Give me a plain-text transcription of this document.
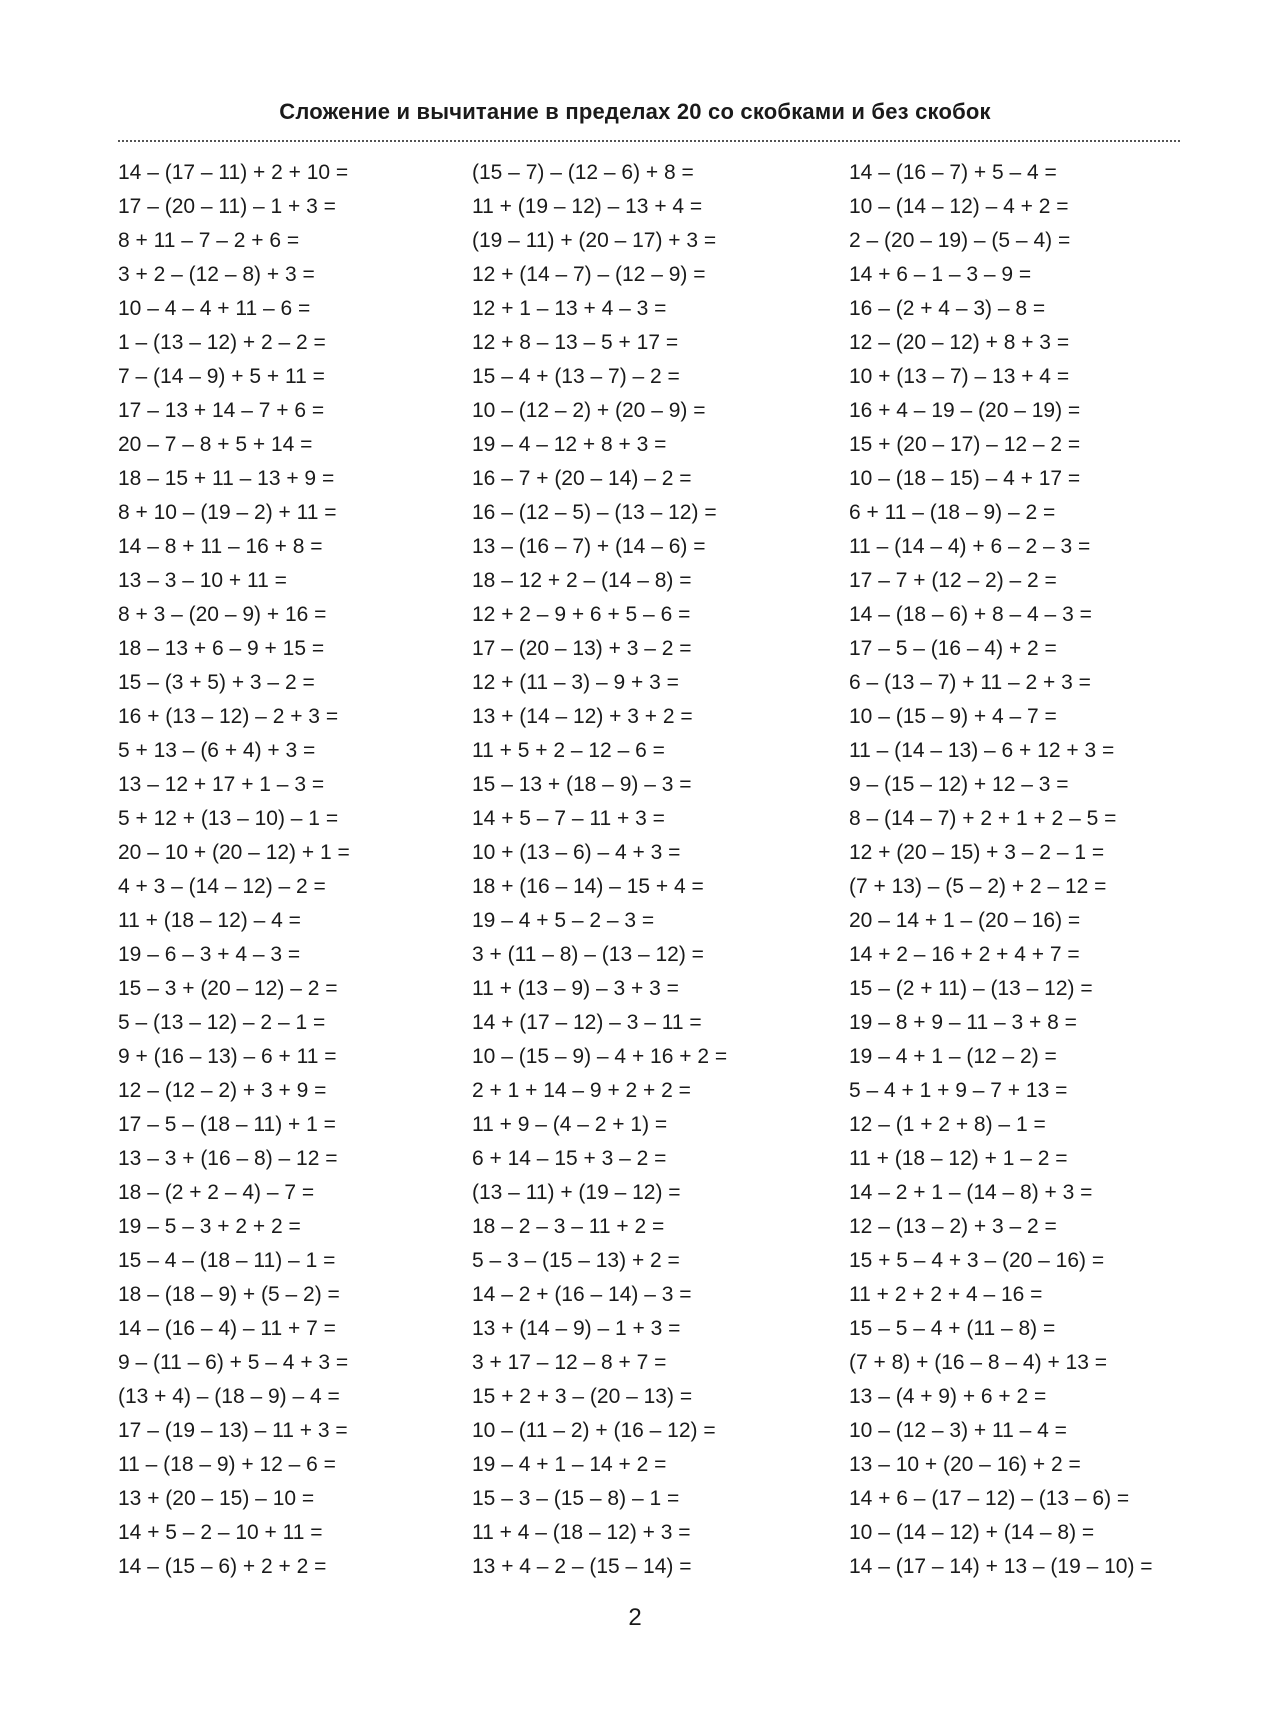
Сложение и вычитание в пределах 20 со скобками и без скобок
14 – (17 – 11) + 2 + 10 =
17 – (20 – 11) – 1 + 3 =
8 + 11 – 7 – 2 + 6 =
3 + 2 – (12 – 8) + 3 =
10 – 4 – 4 + 11 – 6 =
1 – (13 – 12) + 2 – 2 =
7 – (14 – 9) + 5 + 11 =
17 – 13 + 14 – 7 + 6 =
20 – 7 – 8 + 5 + 14 =
18 – 15 + 11 – 13 + 9 =
8 + 10 – (19 – 2) + 11 =
14 – 8 + 11 – 16 + 8 =
13 – 3 – 10 + 11 =
8 + 3 – (20 – 9) + 16 =
18 – 13 + 6 – 9 + 15 =
15 – (3 + 5) + 3 – 2 =
16 + (13 – 12) – 2 + 3 =
5 + 13 – (6 + 4) + 3 =
13 – 12 + 17 + 1 – 3 =
5 + 12 + (13 – 10) – 1 =
20 – 10 + (20 – 12) + 1 =
4 + 3 – (14 – 12) – 2 =
11 + (18 – 12) – 4 =
19 – 6 – 3 + 4 – 3 =
15 – 3 + (20 – 12) – 2 =
5 – (13 – 12) – 2 – 1 =
9 + (16 – 13) – 6 + 11 =
12 – (12 – 2) + 3 + 9 =
17 – 5 – (18 – 11) + 1 =
13 – 3 + (16 – 8) – 12 =
18 – (2 + 2 – 4) – 7 =
19 – 5 – 3 + 2 + 2 =
15 – 4 – (18 – 11) – 1 =
18 – (18 – 9) + (5 – 2) =
14 – (16 – 4) – 11 + 7 =
9 – (11 – 6) + 5 – 4 + 3 =
(13 + 4) – (18 – 9) – 4 =
17 – (19 – 13) – 11 + 3 =
11 – (18 – 9) + 12 – 6 =
13 + (20 – 15) – 10 =
14 + 5 – 2 – 10 + 11 =
14 – (15 – 6) + 2 + 2 =
(15 – 7) – (12 – 6) + 8 =
11 + (19 – 12) – 13 + 4 =
(19 – 11) + (20 – 17) + 3 =
12 + (14 – 7) – (12 – 9) =
12 + 1 – 13 + 4 – 3 =
12 + 8 – 13 – 5 + 17 =
15 – 4 + (13 – 7) – 2 =
10 – (12 – 2) + (20 – 9) =
19 – 4 – 12 + 8 + 3 =
16 – 7 + (20 – 14) – 2 =
16 – (12 – 5) – (13 – 12) =
13 – (16 – 7) + (14 – 6) =
18 – 12 + 2 – (14 – 8) =
12 + 2 – 9 + 6 + 5 – 6 =
17 – (20 – 13) + 3 – 2 =
12 + (11 – 3) – 9 + 3 =
13 + (14 – 12) + 3 + 2 =
11 + 5 + 2 – 12 – 6 =
15 – 13 + (18 – 9) – 3 =
14 + 5 – 7 – 11 + 3 =
10 + (13 – 6) – 4 + 3 =
18 + (16 – 14) – 15 + 4 =
19 – 4 + 5 – 2 – 3 =
3 + (11 – 8) – (13 – 12) =
11 + (13 – 9) – 3 + 3 =
14 + (17 – 12) – 3 – 11 =
10 – (15 – 9) – 4 + 16 + 2 =
2 + 1 + 14 – 9 + 2 + 2 =
11 + 9 – (4 – 2 + 1) =
6 + 14 – 15 + 3 – 2 =
(13 – 11) + (19 – 12) =
18 – 2 – 3 – 11 + 2 =
5 – 3 – (15 – 13) + 2 =
14 – 2 + (16 – 14) – 3 =
13 + (14 – 9) – 1 + 3 =
3 + 17 – 12 – 8 + 7 =
15 + 2 + 3 – (20 – 13) =
10 – (11 – 2) + (16 – 12) =
19 – 4 + 1 – 14 + 2 =
15 – 3 – (15 – 8) – 1 =
11 + 4 – (18 – 12) + 3 =
13 + 4 – 2 – (15 – 14) =
14 – (16 – 7) + 5 – 4 =
10 – (14 – 12) – 4 + 2 =
2 – (20 – 19) – (5 – 4) =
14 + 6 – 1 – 3 – 9 =
16 – (2 + 4 – 3) – 8 =
12 – (20 – 12) + 8 + 3 =
10 + (13 – 7) – 13 + 4 =
16 + 4 – 19 – (20 – 19) =
15 + (20 – 17) – 12 – 2 =
10 – (18 – 15) – 4 + 17 =
6 + 11 – (18 – 9) – 2 =
11 – (14 – 4) + 6 – 2 – 3 =
17 – 7 + (12 – 2) – 2 =
14 – (18 – 6) + 8 – 4 – 3 =
17 – 5 – (16 – 4) + 2 =
6 – (13 – 7) + 11 – 2 + 3 =
10 – (15 – 9) + 4 – 7 =
11 – (14 – 13) – 6 + 12 + 3 =
9 – (15 – 12) + 12 – 3 =
8 – (14 – 7) + 2 + 1 + 2 – 5 =
12 + (20 – 15) + 3 – 2 – 1 =
(7 + 13) – (5 – 2) + 2 – 12 =
20 – 14 + 1 – (20 – 16) =
14 + 2 – 16 + 2 + 4 + 7 =
15 – (2 + 11) – (13 – 12) =
19 – 8 + 9 – 11 – 3 + 8 =
19 – 4 + 1 – (12 – 2) =
5 – 4 + 1 + 9 – 7 + 13 =
12 – (1 + 2 + 8) – 1 =
11 + (18 – 12) + 1 – 2 =
14 – 2 + 1 – (14 – 8) + 3 =
12 – (13 – 2) + 3 – 2 =
15 + 5 – 4 + 3 – (20 – 16) =
11 + 2 + 2 + 4 – 16 =
15 – 5 – 4 + (11 – 8) =
(7 + 8) + (16 – 8 – 4) + 13 =
13 – (4 + 9) + 6 + 2 =
10 – (12 – 3) + 11 – 4 =
13 – 10 + (20 – 16) + 2 =
14 + 6 – (17 – 12) – (13 – 6) =
10 – (14 – 12) + (14 – 8) =
14 – (17 – 14) + 13 – (19 – 10) =
2
